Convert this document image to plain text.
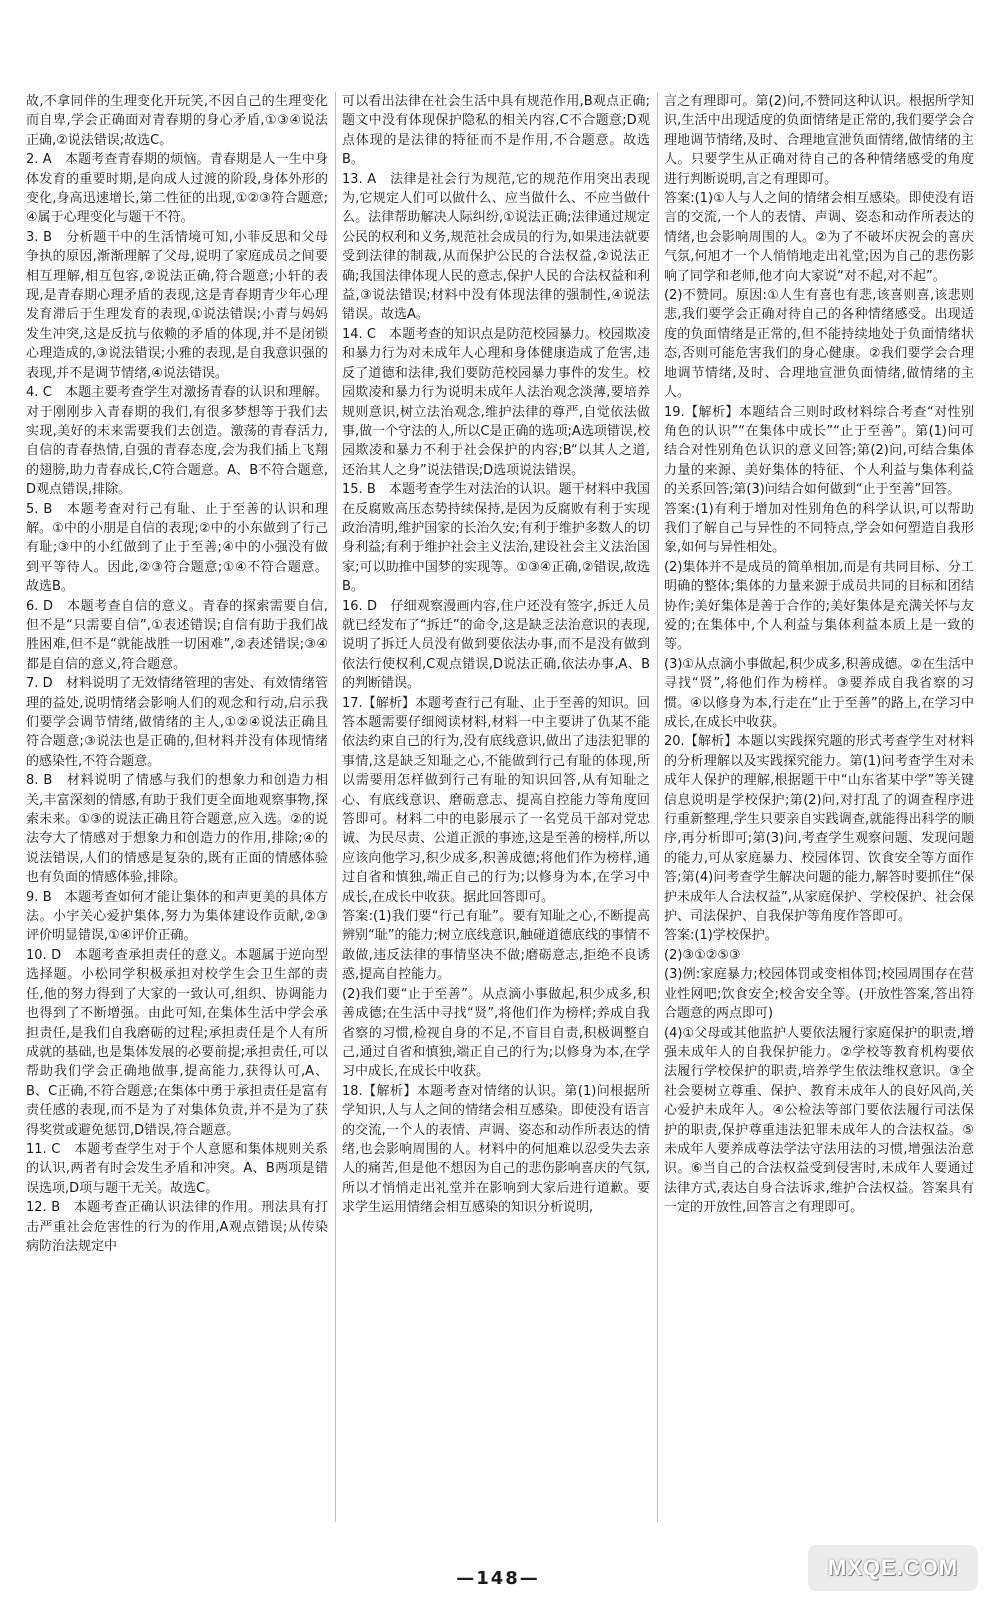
故,不拿同伴的生理变化开玩笑,不因自己的生理变化而自卑,学会正确面对青春期的身心矛盾,①③④说法正确,②说法错误;故选C。

2. A　本题考查青春期的烦恼。青春期是人一生中身体发育的重要时期,是向成人过渡的阶段,身体外形的变化,身高迅速增长,第二性征的出现,①②③符合题意;④属于心理变化与题干不符。

3. B　分析题干中的生活情境可知,小菲反思和父母争执的原因,渐渐理解了父母,说明了家庭成员之间要相互理解,相互包容,②说法正确,符合题意;小轩的表现,是青春期心理矛盾的表现,这是青春期青少年心理发育滞后于生理发育的表现,①说法错误;小青与妈妈发生冲突,这是反抗与依赖的矛盾的体现,并不是闭锁心理造成的,③说法错误;小雅的表现,是自我意识强的表现,并不是调节情绪,④说法错误。

4. C　本题主要考查学生对激扬青春的认识和理解。对于刚刚步入青春期的我们,有很多梦想等于我们去实现,美好的未来需要我们去创造。激荡的青春活力,自信的青春热情,自强的青春态度,会为我们插上飞翔的翅膀,助力青春成长,C符合题意。A、B不符合题意,D观点错误,排除。

5. B　本题考查对行己有耻、止于至善的认识和理解。①中的小朋是自信的表现;②中的小东做到了行己有耻;③中的小红做到了止于至善;④中的小强没有做到平等待人。因此,②③符合题意;①④不符合题意。故选B。

6. D　本题考查自信的意义。青春的探索需要自信,但不是“只需要自信”,①表述错误;自信有助于我们战胜困难,但不是“就能战胜一切困难”,②表述错误;③④都是自信的意义,符合题意。

7. D　材料说明了无效情绪管理的害处、有效情绪管理的益处,说明情绪会影响人们的观念和行动,启示我们要学会调节情绪,做情绪的主人,①②④说法正确且符合题意;③说法也是正确的,但材料并没有体现情绪的感染性,不符合题意。

8. B　材料说明了情感与我们的想象力和创造力相关,丰富深刻的情感,有助于我们更全面地观察事物,探索未来。①③的说法正确且符合题意,应入选。②的说法夸大了情感对于想象力和创造力的作用,排除;④的说法错误,人们的情感是复杂的,既有正面的情感体验也有负面的情感体验,排除。

9. B　本题考查如何才能让集体的和声更美的具体方法。小宇关心爱护集体,努力为集体建设作贡献,②③评价明显错误,①④评价正确。

10. D　本题考查承担责任的意义。本题属于逆向型选择题。小松同学积极承担对校学生会卫生部的责任,他的努力得到了大家的一致认可,组织、协调能力也得到了不断增强。由此可知,在集体生活中学会承担责任,是我们自我磨砺的过程;承担责任是个人有所成就的基础,也是集体发展的必要前提;承担责任,可以帮助我们学会正确地做事,提高能力,获得认可,A、B、C正确,不符合题意;在集体中勇于承担责任是富有责任感的表现,而不是为了对集体负责,并不是为了获得奖赏或避免惩罚,D错误,符合题意。

11. C　本题考查学生对于个人意愿和集体规则关系的认识,两者有时会发生矛盾和冲突。A、B两项是错误选项,D项与题干无关。故选C。

12. B　本题考查正确认识法律的作用。刑法具有打击严重社会危害性的行为的作用,A观点错误;从传染病防治法规定中

可以看出法律在社会生活中具有规范作用,B观点正确;题文中没有体现保护隐私的相关内容,C不合题意;D观点体现的是法律的特征而不是作用,不合题意。故选B。

13. A　法律是社会行为规范,它的规范作用突出表现为,它规定人们可以做什么、应当做什么、不应当做什么。法律帮助解决人际纠纷,①说法正确;法律通过规定公民的权利和义务,规范社会成员的行为,如果违法就要受到法律的制裁,从而保护公民的合法权益,②说法正确;我国法律体现人民的意志,保护人民的合法权益和利益,③说法错误;材料中没有体现法律的强制性,④说法错误。故选A。

14. C　本题考查的知识点是防范校园暴力。校园欺凌和暴力行为对未成年人心理和身体健康造成了危害,违反了道德和法律,我们要防范校园暴力事件的发生。校园欺凌和暴力行为说明未成年人法治观念淡薄,要培养规则意识,树立法治观念,维护法律的尊严,自觉依法做事,做一个守法的人,所以C是正确的选项;A选项错误,校园欺凌和暴力不利于社会保护的内容;B“以其人之道,还治其人之身”说法错误;D选项说法错误。

15. B　本题考查学生对法治的认识。题干材料中我国在反腐败高压态势持续保持,是因为反腐败有利于实现政治清明,维护国家的长治久安;有利于维护多数人的切身利益;有利于维护社会主义法治,建设社会主义法治国家;可以助推中国梦的实现等。①③④正确,②错误,故选B。

16. D　仔细观察漫画内容,住户还没有签字,拆迁人员就已经发布了“拆迁”的命令,这是缺乏法治意识的表现,说明了拆迁人员没有做到要依法办事,而不是没有做到依法行使权利,C观点错误,D说法正确,依法办事,A、B的判断错误。

17.【解析】本题考查行己有耻、止于至善的知识。回答本题需要仔细阅读材料,材料一中主要讲了仇某不能依法约束自己的行为,没有底线意识,做出了违法犯罪的事情,这是缺乏知耻之心,不能做到行己有耻的体现,所以需要用怎样做到行己有耻的知识回答,从有知耻之心、有底线意识、磨砺意志、提高自控能力等角度回答即可。材料二中的电影展示了一名党员干部对党忠诚、为民尽责、公道正派的事迹,这是至善的榜样,所以应该向他学习,积少成多,积善成德;将他们作为榜样,通过自省和慎独,端正自己的行为;以修身为本,在学习中成长,在成长中收获。据此回答即可。

答案:(1)我们要“行己有耻”。要有知耻之心,不断提高辨别“耻”的能力;树立底线意识,触碰道德底线的事情不敢做,违反法律的事情坚决不做;磨砺意志,拒绝不良诱惑,提高自控能力。

(2)我们要“止于至善”。从点滴小事做起,积少成多,积善成德;在生活中寻找“贤”,将他们作为榜样;养成自我省察的习惯,检视自身的不足,不盲目自责,积极调整自己,通过自省和慎独,端正自己的行为;以修身为本,在学习中成长,在成长中收获。

18.【解析】本题考查对情绪的认识。第(1)问根据所学知识,人与人之间的情绪会相互感染。即使没有语言的交流,一个人的表情、声调、姿态和动作所表达的情绪,也会影响周围的人。材料中的何旭难以忍受失去亲人的痛苦,但是他不想因为自己的悲伤影响喜庆的气氛,所以才悄悄走出礼堂并在影响到大家后进行道歉。要求学生运用情绪会相互感染的知识分析说明,

言之有理即可。第(2)问,不赞同这种认识。根据所学知识,生活中出现适度的负面情绪是正常的,我们要学会合理地调节情绪,及时、合理地宣泄负面情绪,做情绪的主人。只要学生从正确对待自己的各种情绪感受的角度进行判断说明,言之有理即可。

答案:(1)①人与人之间的情绪会相互感染。即使没有语言的交流,一个人的表情、声调、姿态和动作所表达的情绪,也会影响周围的人。②为了不破坏庆祝会的喜庆气氛,何旭才一个人悄悄地走出礼堂;因为自己的悲伤影响了同学和老师,他才向大家说“对不起,对不起”。

(2)不赞同。原因:①人生有喜也有悲,该喜则喜,该悲则悲,我们要学会正确对待自己的各种情绪感受。出现适度的负面情绪是正常的,但不能持续地处于负面情绪状态,否则可能危害我们的身心健康。②我们要学会合理地调节情绪,及时、合理地宣泄负面情绪,做情绪的主人。

19.【解析】本题结合三则时政材料综合考查“对性别角色的认识”“在集体中成长”“止于至善”。第(1)问可结合对性别角色认识的意义回答;第(2)问,可结合集体力量的来源、美好集体的特征、个人利益与集体利益的关系回答;第(3)问结合如何做到“止于至善”回答。

答案:(1)有利于增加对性别角色的科学认识,可以帮助我们了解自己与异性的不同特点,学会如何塑造自我形象,如何与异性相处。

(2)集体并不是成员的简单相加,而是有共同目标、分工明确的整体;集体的力量来源于成员共同的目标和团结协作;美好集体是善于合作的;美好集体是充满关怀与友爱的;在集体中,个人利益与集体利益本质上是一致的等。

(3)①从点滴小事做起,积少成多,积善成德。②在生活中寻找“贤”,将他们作为榜样。③要养成自我省察的习惯。④以修身为本,行走在“止于至善”的路上,在学习中成长,在成长中收获。

20.【解析】本题以实践探究题的形式考查学生对材料的分析理解以及实践探究能力。第(1)问考查学生对未成年人保护的理解,根据题干中“山东省某中学”等关键信息说明是学校保护;第(2)问,对打乱了的调查程序进行重新整理,学生只要亲自实践调查,就能得出科学的顺序,再分析即可;第(3)问,考查学生观察问题、发现问题的能力,可从家庭暴力、校园体罚、饮食安全等方面作答;第(4)问考查学生解决问题的能力,解答时要抓住“保护未成年人合法权益”,从家庭保护、学校保护、社会保护、司法保护、自我保护等角度作答即可。

答案:(1)学校保护。

(2)③①②⑤③

(3)例:家庭暴力;校园体罚或变相体罚;校园周围存在营业性网吧;饮食安全;校舍安全等。(开放性答案,答出符合题意的两点即可)

(4)①父母或其他监护人要依法履行家庭保护的职责,增强未成年人的自我保护能力。②学校等教育机构要依法履行学校保护的职责,培养学生依法维权意识。③全社会要树立尊重、保护、教育未成年人的良好风尚,关心爱护未成年人。④公检法等部门要依法履行司法保护的职责,保护尊重违法犯罪未成年人的合法权益。⑤未成年人要养成尊法学法守法用法的习惯,增强法治意识。⑥当自己的合法权益受到侵害时,未成年人要通过法律方式,表达自身合法诉求,维护合法权益。答案具有一定的开放性,回答言之有理即可。

—148—	MXQE.COM
